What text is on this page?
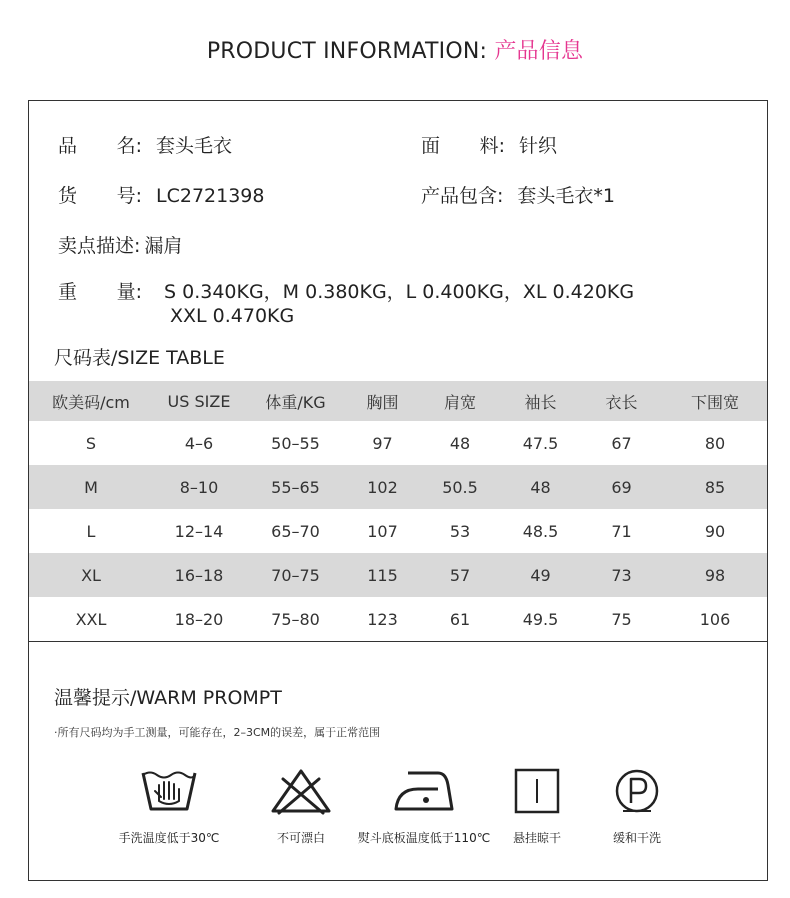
PRODUCT INFORMATION: 产品信息
品 名: 套头毛衣	面 料: 针织
货 号: LC2721398	产品包含: 套头毛衣*1
卖点描述: 漏肩
重 量: S 0.340KG，M 0.380KG，L 0.400KG，XL 0.420KG
XXL 0.470KG
尺码表/SIZE TABLE
欧美码/cm	US SIZE	体重/KG	胸围	肩宽	袖长	衣长	下围宽
S	4–6	50–55	97	48	47.5	67	80
M	8–10	55–65	102	50.5	48	69	85
L	12–14	65–70	107	53	48.5	71	90
XL	16–18	70–75	115	57	49	73	98
XXL	18–20	75–80	123	61	49.5	75	106
温馨提示/WARM PROMPT
·所有尺码均为手工测量，可能存在，2–3CM的误差，属于正常范围
手洗温度低于30℃	不可漂白	熨斗底板温度低于110℃	悬挂晾干	缓和干洗
